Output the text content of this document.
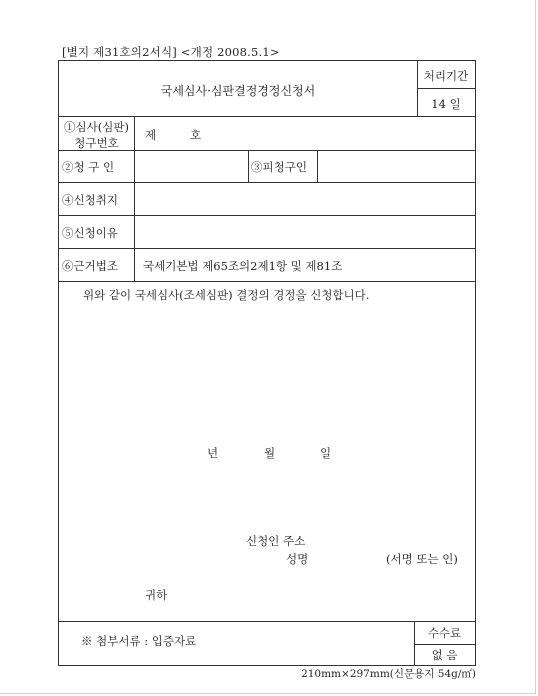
[별지 제31호의2서식] <개정 2008.5.1>
국세심사·심판결정경정신청서
처리기간
14 일
①심사(심판)
청구번호
제	호
②청 구 인	③피청구인
④신청취지
⑤신청이유
⑥근거법조 국세기본법 제65조의2제1항 및 제81조
위와 같이 국세심사(조세심판) 결정의 경정을 신청합니다.
년	월	일
신청인 주소
성명	(서명 또는 인)
귀하
※ 첨부서류 : 입증자료
수수료
없 음
210mm×297mm(신문용지 54g/㎡)
